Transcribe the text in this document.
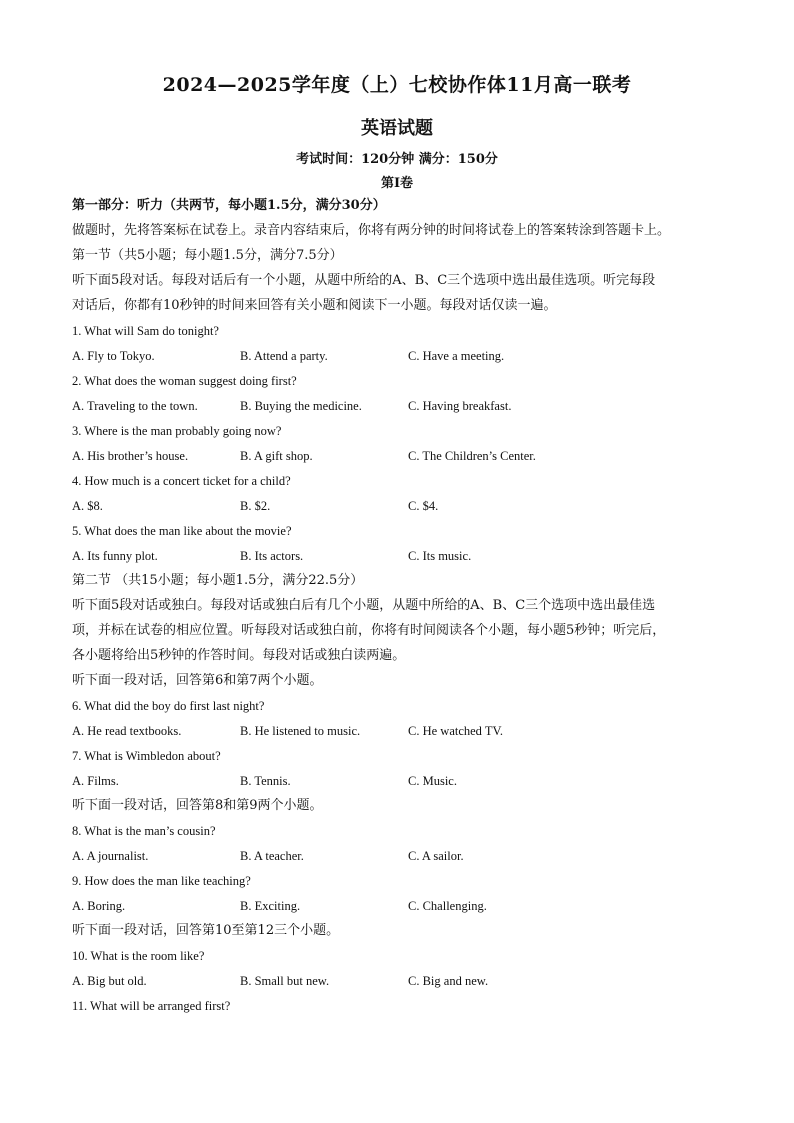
2024—2025学年度（上）七校协作体11月高一联考
英语试题
考试时间：120分钟 满分：150分
第I卷
第一部分：听力（共两节，每小题1.5分，满分30分）
做题时，先将答案标在试卷上。录音内容结束后，你将有两分钟的时间将试卷上的答案转涂到答题卡上。
第一节（共5小题；每小题1.5分，满分7.5分）
听下面5段对话。每段对话后有一个小题，从题中所给的A、B、C三个选项中选出最佳选项。听完每段
对话后，你都有10秒钟的时间来回答有关小题和阅读下一小题。每段对话仅读一遍。
1. What will Sam do tonight?
A. Fly to Tokyo.	B. Attend a party.	C. Have a meeting.
2. What does the woman suggest doing first?
A. Traveling to the town.	B. Buying the medicine.	C. Having breakfast.
3. Where is the man probably going now?
A. His brother’s house.	B. A gift shop.	C. The Children’s Center.
4. How much is a concert ticket for a child?
A. $8.	B. $2.	C. $4.
5. What does the man like about the movie?
A. Its funny plot.	B. Its actors.	C. Its music.
第二节 （共15小题；每小题1.5分，满分22.5分）
听下面5段对话或独白。每段对话或独白后有几个小题，从题中所给的A、B、C三个选项中选出最佳选
项，并标在试卷的相应位置。听每段对话或独白前，你将有时间阅读各个小题，每小题5秒钟；听完后，
各小题将给出5秒钟的作答时间。每段对话或独白读两遍。
听下面一段对话，回答第6和第7两个小题。
6. What did the boy do first last night?
A. He read textbooks.	B. He listened to music.	C. He watched TV.
7. What is Wimbledon about?
A. Films.	B. Tennis.	C. Music.
听下面一段对话，回答第8和第9两个小题。
8. What is the man’s cousin?
A. A journalist.	B. A teacher.	C. A sailor.
9. How does the man like teaching?
A. Boring.	B. Exciting.	C. Challenging.
听下面一段对话，回答第10至第12三个小题。
10. What is the room like?
A. Big but old.	B. Small but new.	C. Big and new.
11. What will be arranged first?
